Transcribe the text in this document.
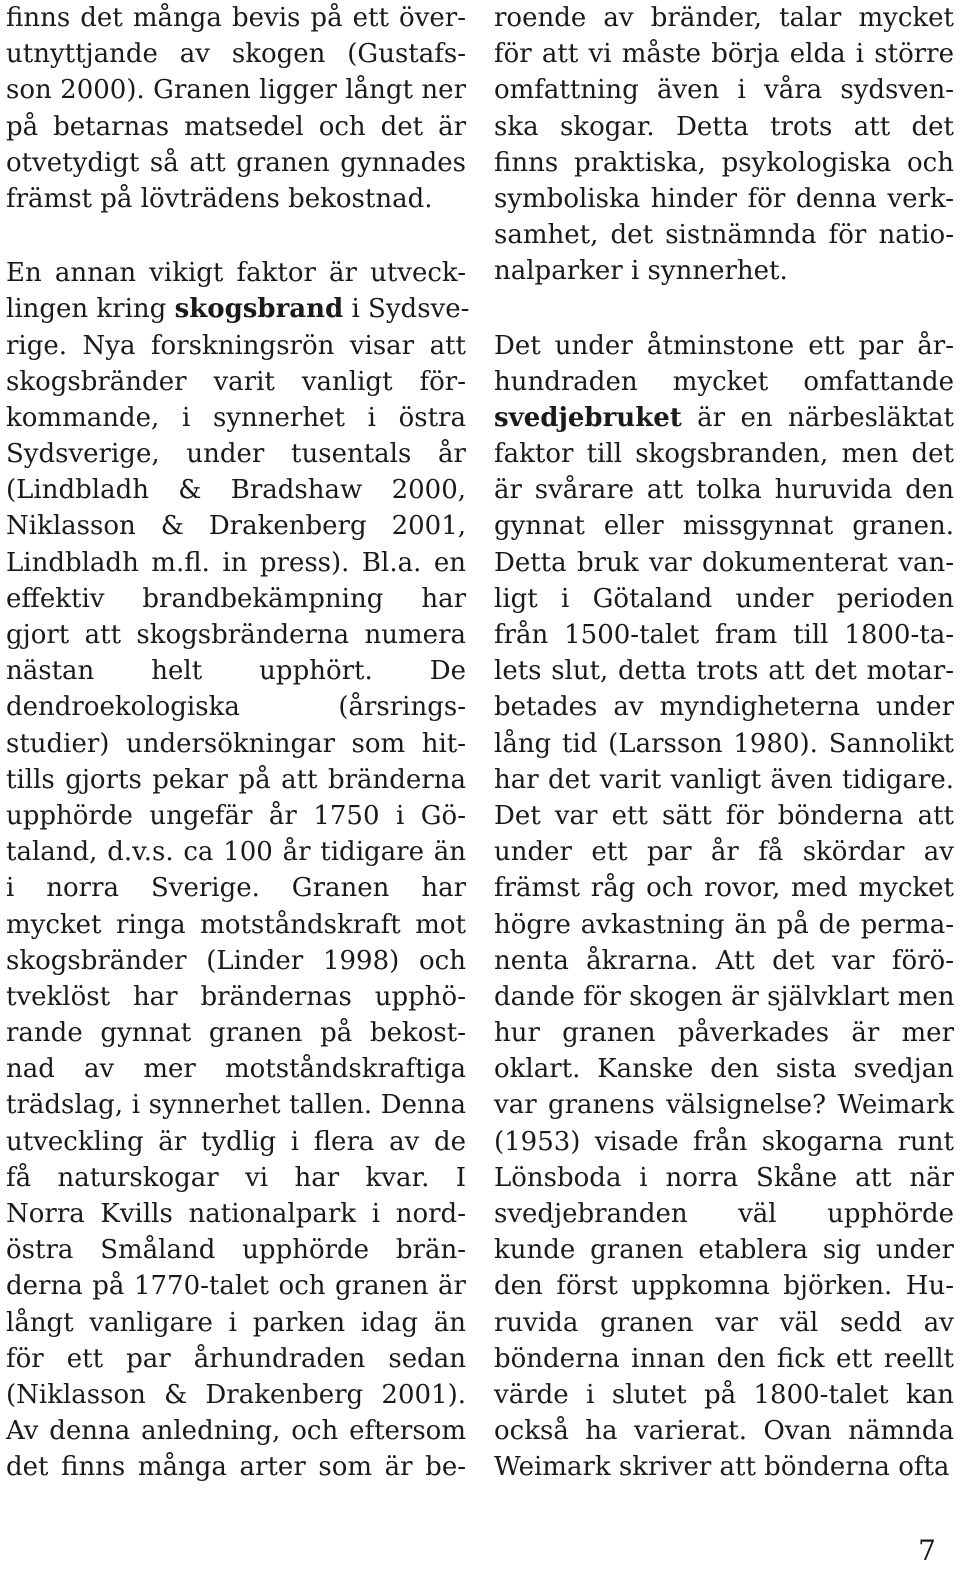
finns det många bevis på ett över-
utnyttjande av skogen (Gustafs-
son 2000). Granen ligger långt ner
på betarnas matsedel och det är
otvetydigt så att granen gynnades
främst på lövträdens bekostnad.
En annan vikigt faktor är utveck-
lingen kring skogsbrand i Sydsve-
rige. Nya forskningsrön visar att
skogsbränder varit vanligt för-
kommande, i synnerhet i östra
Sydsverige, under tusentals år
(Lindbladh & Bradshaw 2000,
Niklasson & Drakenberg 2001,
Lindbladh m.fl. in press). Bl.a. en
effektiv brandbekämpning har
gjort att skogsbränderna numera
nästan helt upphört. De
dendroekologiska (årsrings-
studier) undersökningar som hit-
tills gjorts pekar på att bränderna
upphörde ungefär år 1750 i Gö-
taland, d.v.s. ca 100 år tidigare än
i norra Sverige. Granen har
mycket ringa motståndskraft mot
skogsbränder (Linder 1998) och
tveklöst har brändernas upphö-
rande gynnat granen på bekost-
nad av mer motståndskraftiga
trädslag, i synnerhet tallen. Denna
utveckling är tydlig i flera av de
få naturskogar vi har kvar. I
Norra Kvills nationalpark i nord-
östra Småland upphörde brän-
derna på 1770-talet och granen är
långt vanligare i parken idag än
för ett par århundraden sedan
(Niklasson & Drakenberg 2001).
Av denna anledning, och eftersom
det finns många arter som är be-
roende av bränder, talar mycket
för att vi måste börja elda i större
omfattning även i våra sydsven-
ska skogar. Detta trots att det
finns praktiska, psykologiska och
symboliska hinder för denna verk-
samhet, det sistnämnda för natio-
nalparker i synnerhet.
Det under åtminstone ett par år-
hundraden mycket omfattande
svedjebruket är en närbesläktat
faktor till skogsbranden, men det
är svårare att tolka huruvida den
gynnat eller missgynnat granen.
Detta bruk var dokumenterat van-
ligt i Götaland under perioden
från 1500-talet fram till 1800-ta-
lets slut, detta trots att det motar-
betades av myndigheterna under
lång tid (Larsson 1980). Sannolikt
har det varit vanligt även tidigare.
Det var ett sätt för bönderna att
under ett par år få skördar av
främst råg och rovor, med mycket
högre avkastning än på de perma-
nenta åkrarna. Att det var förö-
dande för skogen är självklart men
hur granen påverkades är mer
oklart. Kanske den sista svedjan
var granens välsignelse? Weimark
(1953) visade från skogarna runt
Lönsboda i norra Skåne att när
svedjebranden väl upphörde
kunde granen etablera sig under
den först uppkomna björken. Hu-
ruvida granen var väl sedd av
bönderna innan den fick ett reellt
värde i slutet på 1800-talet kan
också ha varierat. Ovan nämnda
Weimark skriver att bönderna ofta
7
